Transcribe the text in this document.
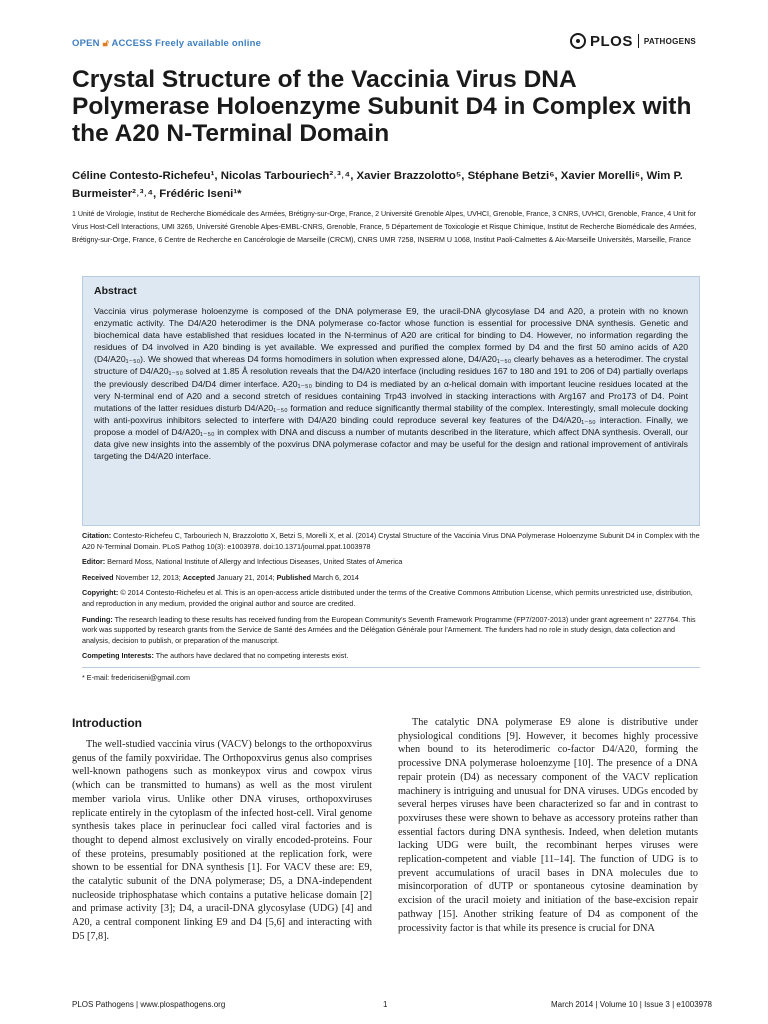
OPEN 🔓︎ ACCESS Freely available online	PLOS PATHOGENS
Crystal Structure of the Vaccinia Virus DNA Polymerase Holoenzyme Subunit D4 in Complex with the A20 N-Terminal Domain
Céline Contesto-Richefeu¹, Nicolas Tarbouriech²˒³˒⁴, Xavier Brazzolotto⁵, Stéphane Betzi⁶, Xavier Morelli⁶, Wim P. Burmeister²˒³˒⁴, Frédéric Iseni¹*
1 Unité de Virologie, Institut de Recherche Biomédicale des Armées, Brétigny-sur-Orge, France, 2 Université Grenoble Alpes, UVHCI, Grenoble, France, 3 CNRS, UVHCI, Grenoble, France, 4 Unit for Virus Host-Cell Interactions, UMI 3265, Université Grenoble Alpes-EMBL-CNRS, Grenoble, France, 5 Département de Toxicologie et Risque Chimique, Institut de Recherche Biomédicale des Armées, Brétigny-sur-Orge, France, 6 Centre de Recherche en Cancérologie de Marseille (CRCM), CNRS UMR 7258, INSERM U 1068, Institut Paoli-Calmettes & Aix-Marseille Universités, Marseille, France
Abstract
Vaccinia virus polymerase holoenzyme is composed of the DNA polymerase E9, the uracil-DNA glycosylase D4 and A20, a protein with no known enzymatic activity. The D4/A20 heterodimer is the DNA polymerase co-factor whose function is essential for processive DNA synthesis. Genetic and biochemical data have established that residues located in the N-terminus of A20 are critical for binding to D4. However, no information regarding the residues of D4 involved in A20 binding is yet available. We expressed and purified the complex formed by D4 and the first 50 amino acids of A20 (D4/A20₁₋₅₀). We showed that whereas D4 forms homodimers in solution when expressed alone, D4/A20₁₋₅₀ clearly behaves as a heterodimer. The crystal structure of D4/A20₁₋₅₀ solved at 1.85 Å resolution reveals that the D4/A20 interface (including residues 167 to 180 and 191 to 206 of D4) partially overlaps the previously described D4/D4 dimer interface. A20₁₋₅₀ binding to D4 is mediated by an α-helical domain with important leucine residues located at the very N-terminal end of A20 and a second stretch of residues containing Trp43 involved in stacking interactions with Arg167 and Pro173 of D4. Point mutations of the latter residues disturb D4/A20₁₋₅₀ formation and reduce significantly thermal stability of the complex. Interestingly, small molecule docking with anti-poxvirus inhibitors selected to interfere with D4/A20 binding could reproduce several key features of the D4/A20₁₋₅₀ interaction. Finally, we propose a model of D4/A20₁₋₅₀ in complex with DNA and discuss a number of mutants described in the literature, which affect DNA synthesis. Overall, our data give new insights into the assembly of the poxvirus DNA polymerase cofactor and may be useful for the design and rational improvement of antivirals targeting the D4/A20 interface.
Citation: Contesto-Richefeu C, Tarbouriech N, Brazzolotto X, Betzi S, Morelli X, et al. (2014) Crystal Structure of the Vaccinia Virus DNA Polymerase Holoenzyme Subunit D4 in Complex with the A20 N-Terminal Domain. PLoS Pathog 10(3): e1003978. doi:10.1371/journal.ppat.1003978
Editor: Bernard Moss, National Institute of Allergy and Infectious Diseases, United States of America
Received November 12, 2013; Accepted January 21, 2014; Published March 6, 2014
Copyright: © 2014 Contesto-Richefeu et al. This is an open-access article distributed under the terms of the Creative Commons Attribution License, which permits unrestricted use, distribution, and reproduction in any medium, provided the original author and source are credited.
Funding: The research leading to these results has received funding from the European Community's Seventh Framework Programme (FP7/2007-2013) under grant agreement n° 227764. This work was supported by research grants from the Service de Santé des Armées and the Délégation Générale pour l'Armement. The funders had no role in study design, data collection and analysis, decision to publish, or preparation of the manuscript.
Competing Interests: The authors have declared that no competing interests exist.
* E-mail: fredericiseni@gmail.com
Introduction

The well-studied vaccinia virus (VACV) belongs to the orthopoxvirus genus of the family poxviridae. The Orthopoxvirus genus also comprises well-known pathogens such as monkeypox virus and cowpox virus (which can be transmitted to humans) as well as the most virulent member variola virus. Unlike other DNA viruses, orthopoxviruses replicate entirely in the cytoplasm of the infected host-cell. Viral genome synthesis takes place in perinuclear foci called viral factories and is thought to depend almost exclusively on virally encoded-proteins. Four of these proteins, presumably positioned at the replication fork, were shown to be essential for DNA synthesis [1]. For VACV these are: E9, the catalytic subunit of the DNA polymerase; D5, a DNA-independent nucleoside triphosphatase which contains a putative helicase domain [2] and primase activity [3]; D4, a uracil-DNA glycosylase (UDG) [4] and A20, a central component linking E9 and D4 [5,6] and interacting with D5 [7,8].

The catalytic DNA polymerase E9 alone is distributive under physiological conditions [9]. However, it becomes highly processive when bound to its heterodimeric co-factor D4/A20, forming the processive DNA polymerase holoenzyme [10]. The presence of a DNA repair protein (D4) as necessary component of the VACV replication machinery is intriguing and unusual for DNA viruses. UDGs encoded by several herpes viruses have been characterized so far and in contrast to poxviruses these were shown to behave as accessory proteins rather than essential factors during DNA synthesis. Indeed, when deletion mutants lacking UDG were built, the recombinant herpes viruses were replication-competent and viable [11–14]. The function of UDG is to prevent accumulations of uracil bases in DNA molecules due to misincorporation of dUTP or spontaneous cytosine deamination by excision of the uracil moiety and initiation of the base-excision repair pathway [15]. Another striking feature of D4 as component of the processivity factor is that while its presence is crucial for DNA

PLOS Pathogens | www.plospathogens.org	1	March 2014 | Volume 10 | Issue 3 | e1003978
